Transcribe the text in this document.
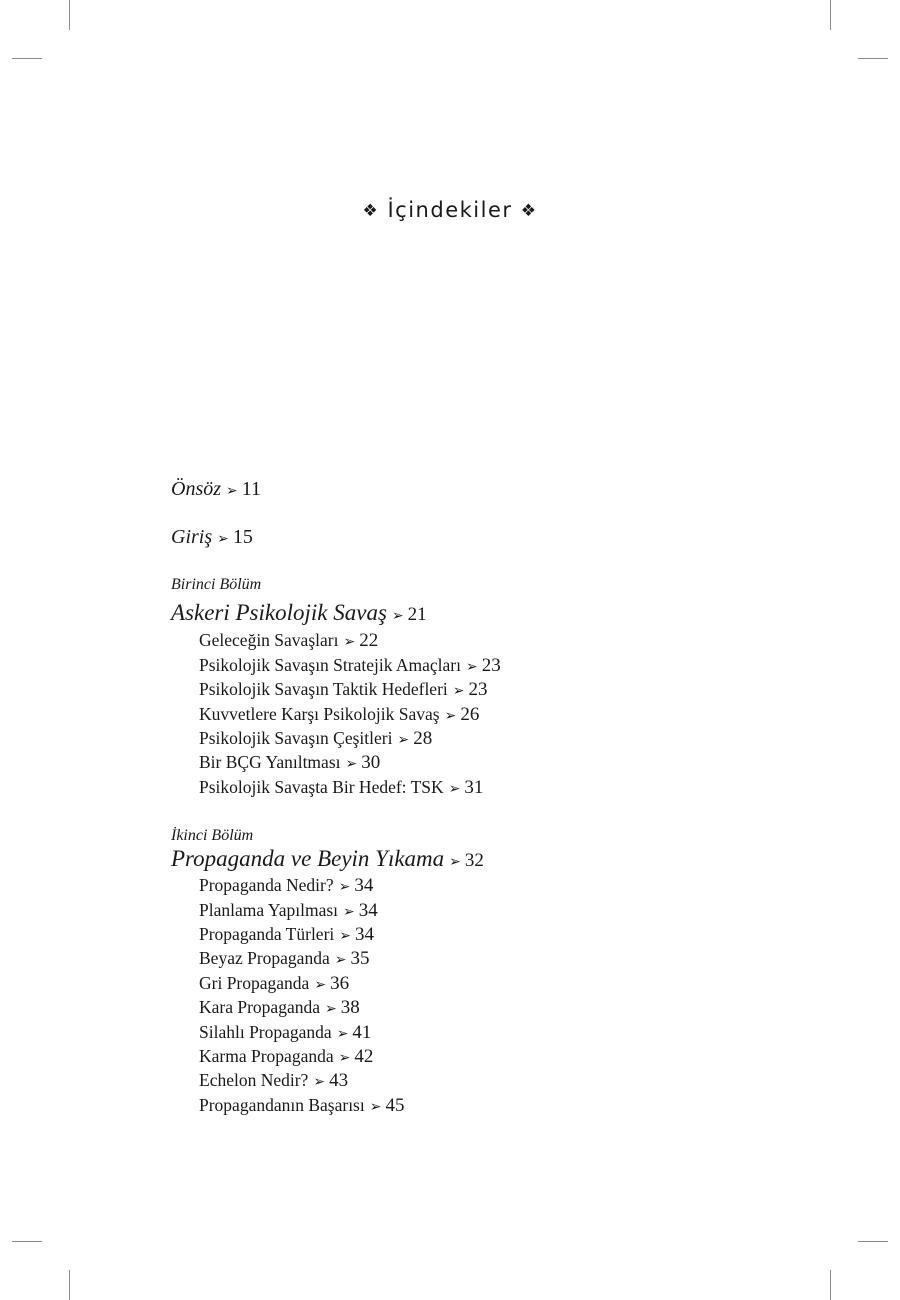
❖ İçindekiler ❖
Önsöz ➢ 11
Giriş ➢ 15
Birinci Bölüm
Askeri Psikolojik Savaş ➢ 21
Geleceğin Savaşları ➢ 22
Psikolojik Savaşın Stratejik Amaçları ➢ 23
Psikolojik Savaşın Taktik Hedefleri ➢ 23
Kuvvetlere Karşı Psikolojik Savaş ➢ 26
Psikolojik Savaşın Çeşitleri ➢ 28
Bir BÇG Yanıltması ➢ 30
Psikolojik Savaşta Bir Hedef: TSK ➢ 31
İkinci Bölüm
Propaganda ve Beyin Yıkama ➢ 32
Propaganda Nedir? ➢ 34
Planlama Yapılması ➢ 34
Propaganda Türleri ➢ 34
Beyaz Propaganda ➢ 35
Gri Propaganda ➢ 36
Kara Propaganda ➢ 38
Silahlı Propaganda ➢ 41
Karma Propaganda ➢ 42
Echelon Nedir? ➢ 43
Propagandanın Başarısı ➢ 45
